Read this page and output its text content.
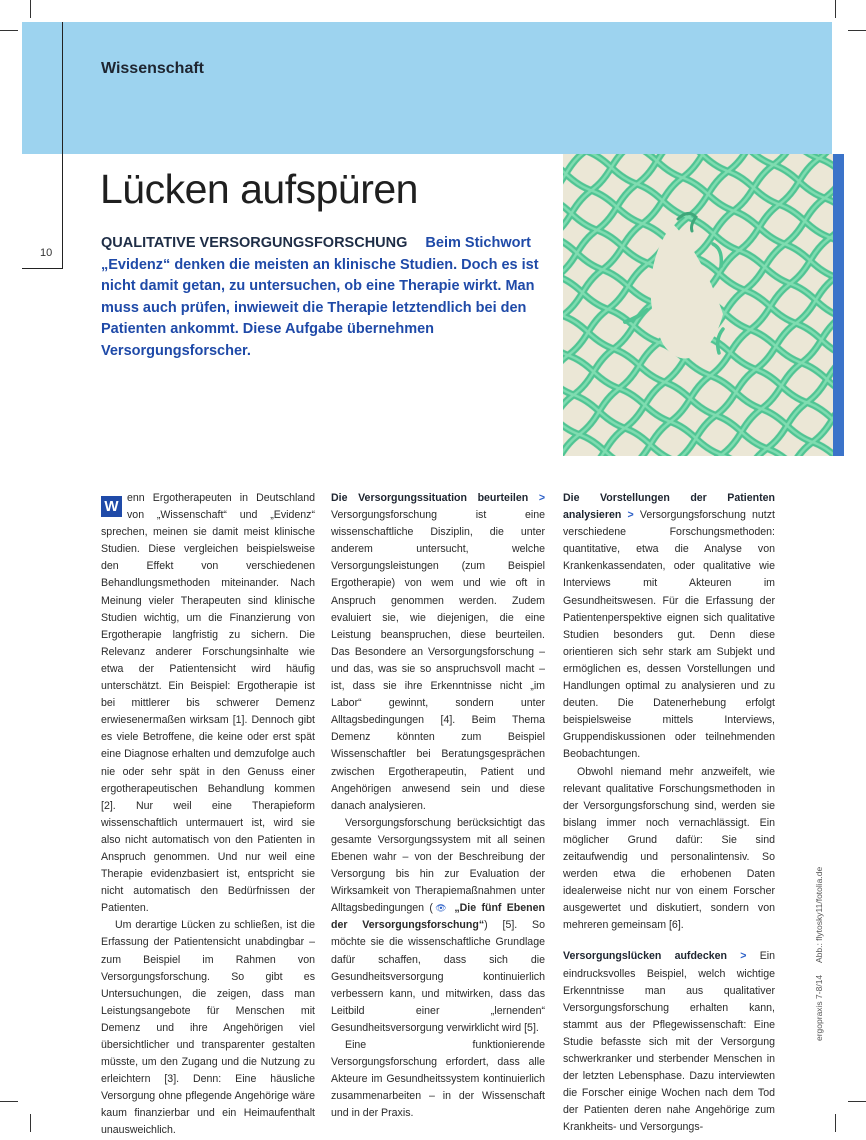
Wissenschaft
10
Lücken aufspüren
QUALITATIVE VERSORGUNGSFORSCHUNG Beim Stichwort „Evidenz“ denken die meisten an klinische Studien. Doch es ist nicht damit getan, zu untersuchen, ob eine Therapie wirkt. Man muss auch prüfen, inwieweit die Therapie letztendlich bei den Patienten ankommt. Diese Aufgabe übernehmen Versorgungsforscher.

W enn Ergotherapeuten in Deutschland von „Wissenschaft“ und „Evidenz“ sprechen, meinen sie damit meist klinische Studien. Diese vergleichen beispielsweise den Effekt von verschiedenen Behandlungsmethoden miteinander. Nach Meinung vieler Therapeuten sind klinische Studien wichtig, um die Finanzierung von Ergotherapie langfristig zu sichern. Die Relevanz anderer Forschungsinhalte wie etwa der Patientensicht wird häufig unterschätzt. Ein Beispiel: Ergotherapie ist bei mittlerer bis schwerer Demenz erwiesenermaßen wirksam [1]. Dennoch gibt es viele Betroffene, die keine oder erst spät eine Diagnose erhalten und demzufolge auch nie oder sehr spät in den Genuss einer ergotherapeutischen Behandlung kommen [2]. Nur weil eine Therapieform wissenschaftlich untermauert ist, wird sie also nicht automatisch von den Patienten in Anspruch genommen. Und nur weil eine Therapie evidenzbasiert ist, entspricht sie nicht automatisch den Bedürfnissen der Patienten.

Um derartige Lücken zu schließen, ist die Erfassung der Patientensicht unabdingbar – zum Beispiel im Rahmen von Versorgungsforschung. So gibt es Untersuchungen, die zeigen, dass man Leistungsangebote für Menschen mit Demenz und ihre Angehörigen viel übersichtlicher und transparenter gestalten müsste, um den Zugang und die Nutzung zu erleichtern [3]. Denn: Eine häusliche Versorgung ohne pflegende Angehörige wäre kaum finanzierbar und ein Heimaufenthalt unausweichlich.

Die Versorgungssituation beurteilen > Versorgungsforschung ist eine wissenschaftliche Disziplin, die unter anderem untersucht, welche Versorgungsleistungen (zum Beispiel Ergotherapie) von wem und wie oft in Anspruch genommen werden. Zudem evaluiert sie, wie diejenigen, die eine Leistung beanspruchen, diese beurteilen. Das Besondere an Versorgungsforschung – und das, was sie so anspruchsvoll macht – ist, dass sie ihre Erkenntnisse nicht „im Labor“ gewinnt, sondern unter Alltagsbedingungen [4]. Beim Thema Demenz könnten zum Beispiel Wissenschaftler bei Beratungsgesprächen zwischen Ergotherapeutin, Patient und Angehörigen anwesend sein und diese danach analysieren.

Versorgungsforschung berücksichtigt das gesamte Versorgungssystem mit all seinen Ebenen wahr – von der Beschreibung der Versorgung bis hin zur Evaluation der Wirksamkeit von Therapiemaßnahmen unter Alltagsbedingungen (👁 „Die fünf Ebenen der Versorgungsforschung“) [5]. So möchte sie die wissenschaftliche Grundlage dafür schaffen, dass sich die Gesundheitsversorgung kontinuierlich verbessern kann, und mitwirken, dass das Leitbild einer „lernenden“ Gesundheitsversorgung verwirklicht wird [5].

Eine funktionierende Versorgungsforschung erfordert, dass alle Akteure im Gesundheitssystem kontinuierlich zusammenarbeiten – in der Wissenschaft und in der Praxis.

Die Vorstellungen der Patienten analysieren > Versorgungsforschung nutzt verschiedene Forschungsmethoden: quantitative, etwa die Analyse von Krankenkassendaten, oder qualitative wie Interviews mit Akteuren im Gesundheitswesen. Für die Erfassung der Patientenperspektive eignen sich qualitative Studien besonders gut. Denn diese orientieren sich sehr stark am Subjekt und ermöglichen es, dessen Vorstellungen und Handlungen optimal zu analysieren und zu deuten. Die Datenerhebung erfolgt beispielsweise mittels Interviews, Gruppendiskussionen oder teilnehmenden Beobachtungen.

Obwohl niemand mehr anzweifelt, wie relevant qualitative Forschungsmethoden in der Versorgungsforschung sind, werden sie bislang immer noch vernachlässigt. Ein möglicher Grund dafür: Sie sind zeitaufwendig und personalintensiv. So werden etwa die erhobenen Daten idealerweise nicht nur von einem Forscher ausgewertet und diskutiert, sondern von mehreren gemeinsam [6].

Versorgungslücken aufdecken > Ein eindrucksvolles Beispiel, welch wichtige Erkenntnisse man aus qualitativer Versorgungsforschung erhalten kann, stammt aus der Pflegewissenschaft: Eine Studie befasste sich mit der Versorgung schwerkranker und sterbender Menschen in der letzten Lebensphase. Dazu interviewten die Forscher einige Wochen nach dem Tod der Patienten deren nahe Angehörige zum Krankheits- und Versorgungs-

ergopraxis 7-8/14     Abb.: flytosky11/fotolia.de
